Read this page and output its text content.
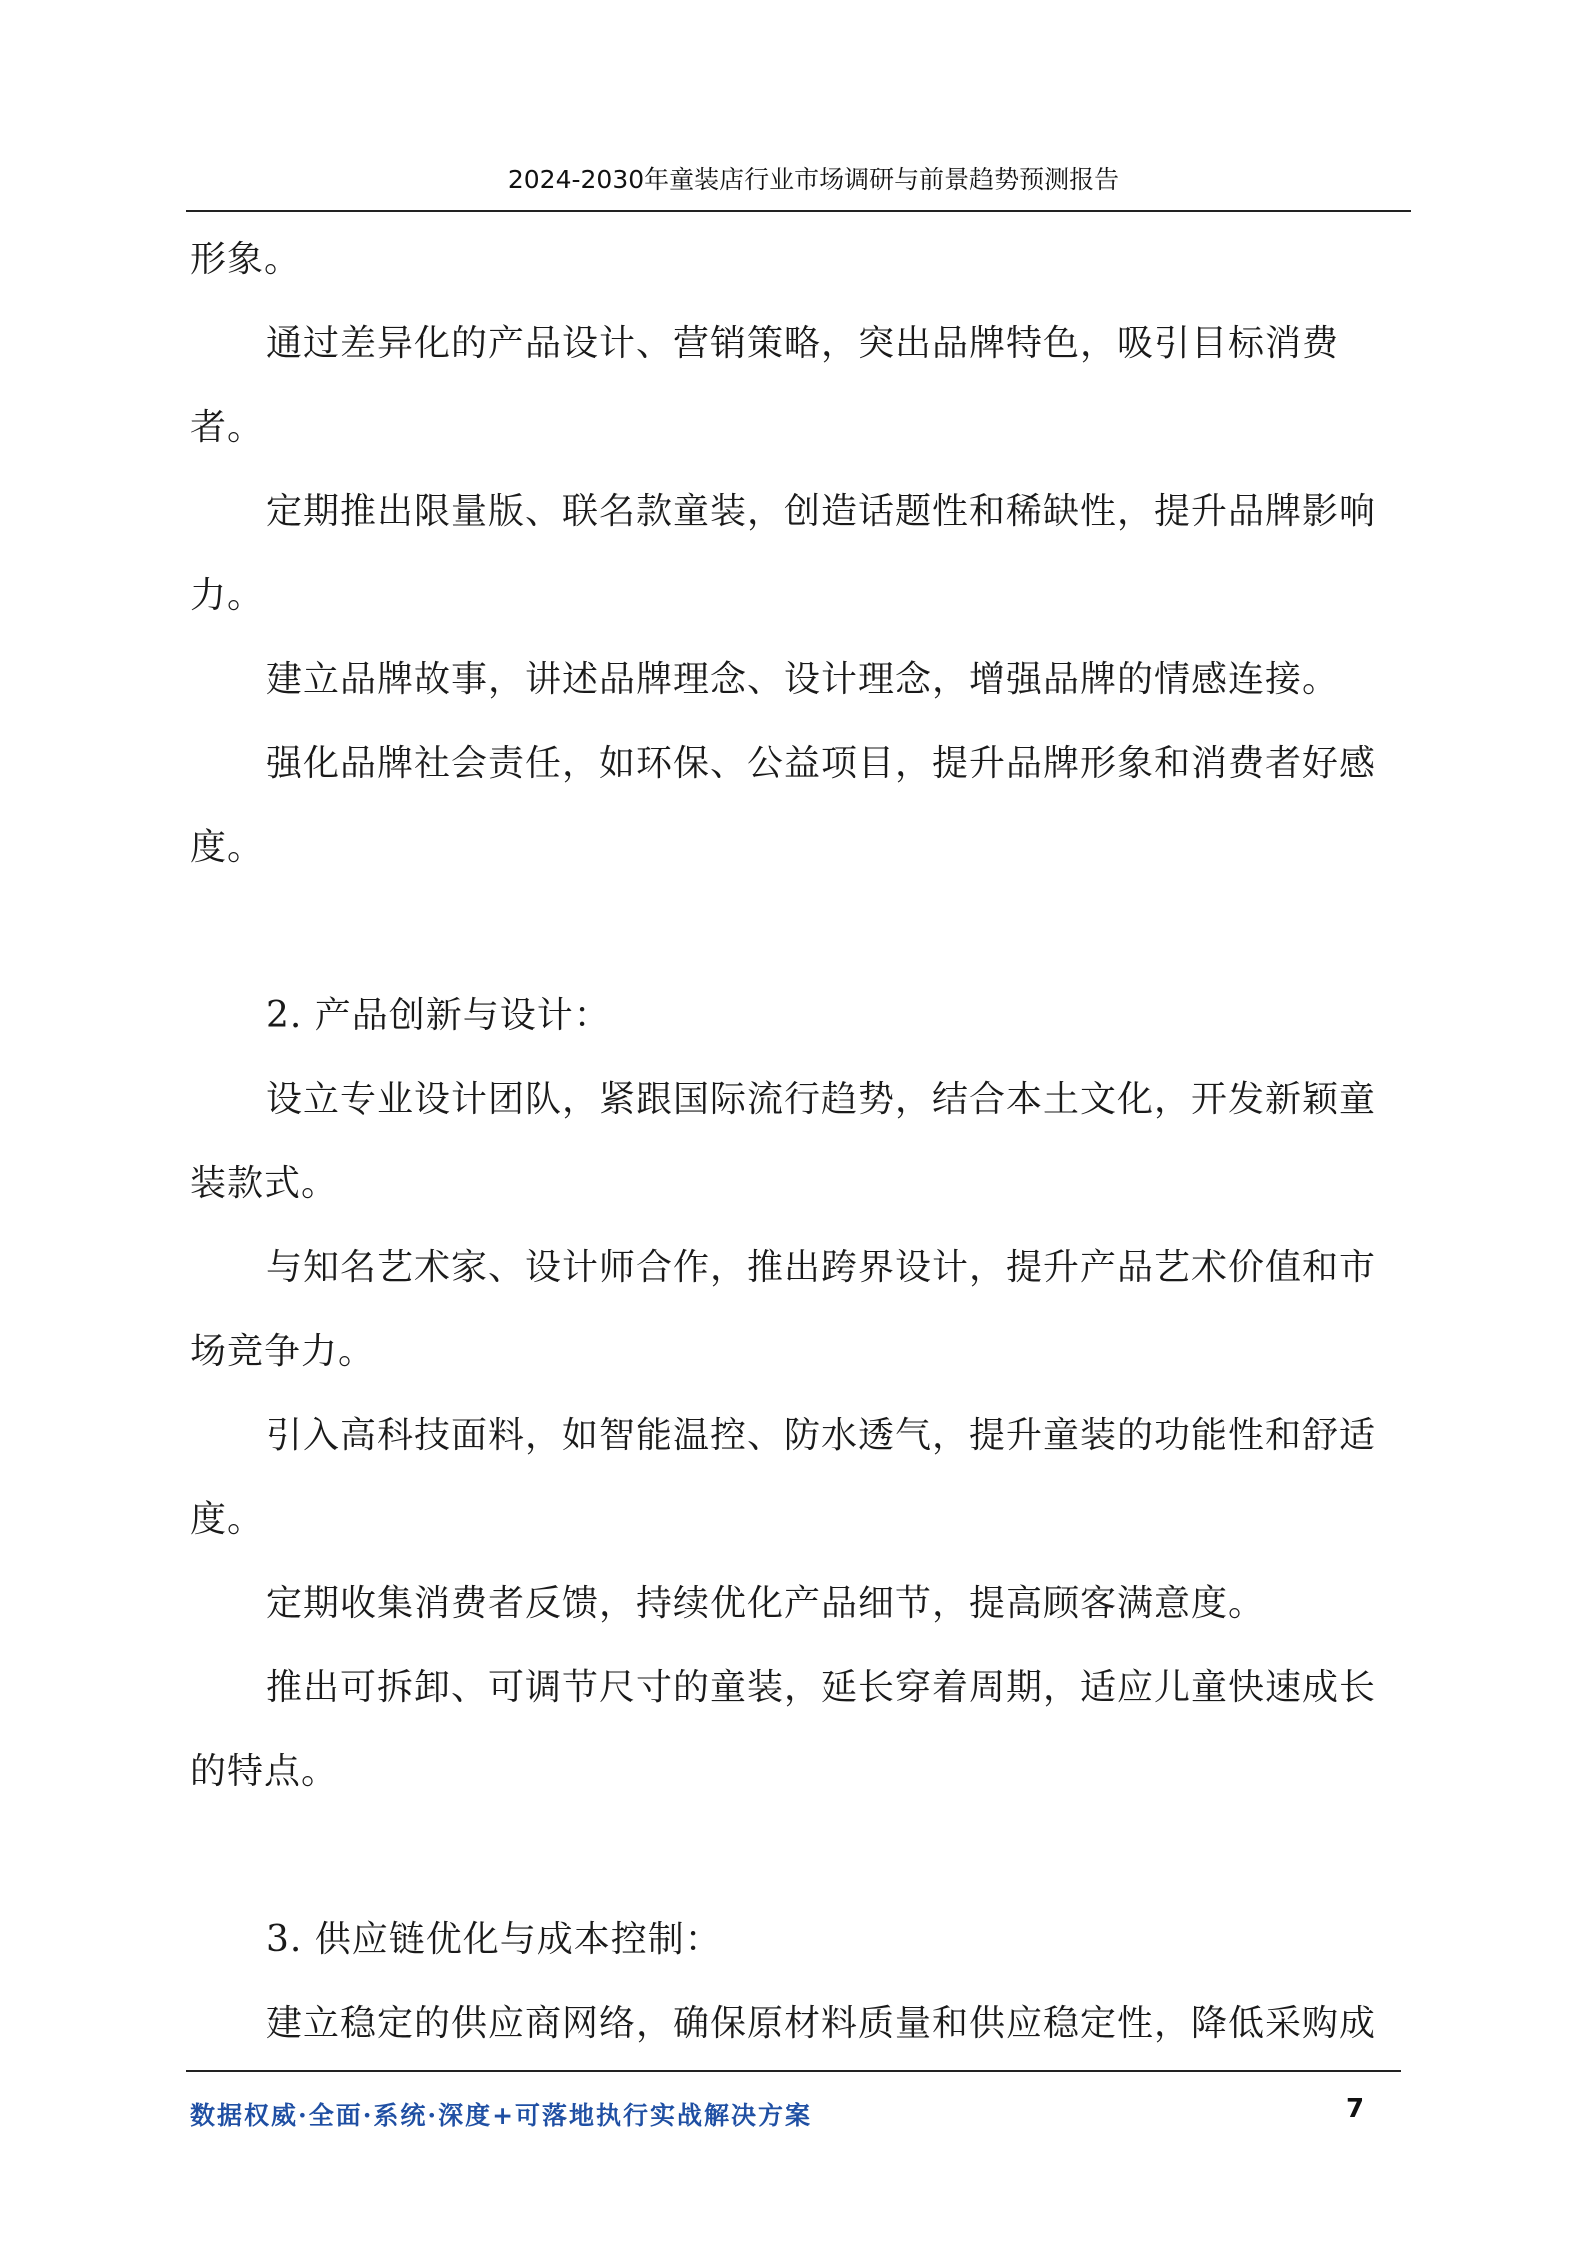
2024-2030年童装店行业市场调研与前景趋势预测报告

形象。

通过差异化的产品设计、营销策略，突出品牌特色，吸引目标消费者。

定期推出限量版、联名款童装，创造话题性和稀缺性，提升品牌影响力。

建立品牌故事，讲述品牌理念、设计理念，增强品牌的情感连接。

强化品牌社会责任，如环保、公益项目，提升品牌形象和消费者好感度。

2. 产品创新与设计：

设立专业设计团队，紧跟国际流行趋势，结合本土文化，开发新颖童装款式。

与知名艺术家、设计师合作，推出跨界设计，提升产品艺术价值和市场竞争力。

引入高科技面料，如智能温控、防水透气，提升童装的功能性和舒适度。

定期收集消费者反馈，持续优化产品细节，提高顾客满意度。

推出可拆卸、可调节尺寸的童装，延长穿着周期，适应儿童快速成长的特点。

3. 供应链优化与成本控制：

建立稳定的供应商网络，确保原材料质量和供应稳定性，降低采购成

数据权威·全面·系统·深度+可落地执行实战解决方案	7
